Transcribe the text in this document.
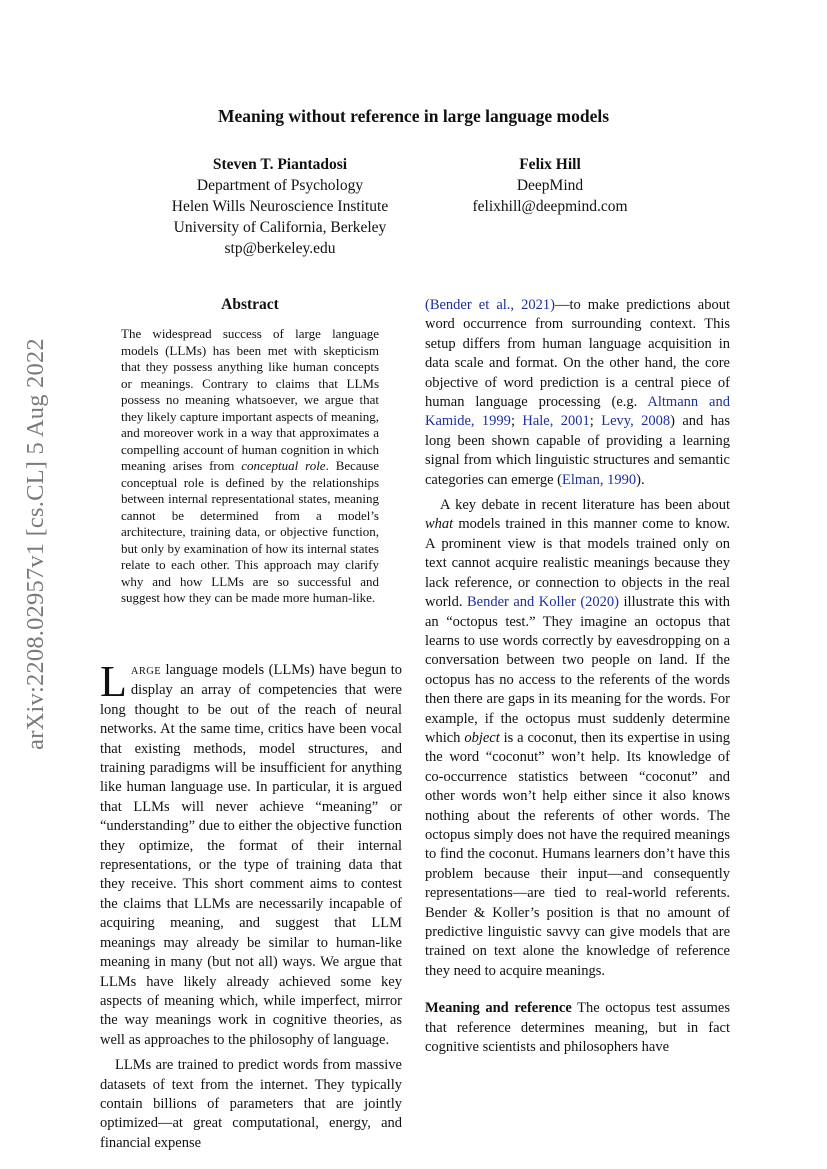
arXiv:2208.02957v1 [cs.CL] 5 Aug 2022
Meaning without reference in large language models
Steven T. Piantadosi
Department of Psychology
Helen Wills Neuroscience Institute
University of California, Berkeley
stp@berkeley.edu
Felix Hill
DeepMind
felixhill@deepmind.com
Abstract

The widespread success of large language models (LLMs) has been met with skepticism that they possess anything like human concepts or meanings. Contrary to claims that LLMs possess no meaning whatsoever, we argue that they likely capture important aspects of meaning, and moreover work in a way that approximates a compelling account of human cognition in which meaning arises from conceptual role. Because conceptual role is defined by the relationships between internal representational states, meaning cannot be determined from a model’s architecture, training data, or objective function, but only by examination of how its internal states relate to each other. This approach may clarify why and how LLMs are so successful and suggest how they can be made more human-like.

LARGE language models (LLMs) have begun to display an array of competencies that were long thought to be out of the reach of neural networks. At the same time, critics have been vocal that existing methods, model structures, and training paradigms will be insufficient for anything like human language use. In particular, it is argued that LLMs will never achieve “meaning” or “understanding” due to either the objective function they optimize, the format of their internal representations, or the type of training data that they receive. This short comment aims to contest the claims that LLMs are necessarily incapable of acquiring meaning, and suggest that LLM meanings may already be similar to human-like meaning in many (but not all) ways. We argue that LLMs have likely already achieved some key aspects of meaning which, while imperfect, mirror the way meanings work in cognitive theories, as well as approaches to the philosophy of language.

LLMs are trained to predict words from massive datasets of text from the internet. They typically contain billions of parameters that are jointly optimized—at great computational, energy, and financial expense

(Bender et al., 2021)—to make predictions about word occurrence from surrounding context. This setup differs from human language acquisition in data scale and format. On the other hand, the core objective of word prediction is a central piece of human language processing (e.g. Altmann and Kamide, 1999; Hale, 2001; Levy, 2008) and has long been shown capable of providing a learning signal from which linguistic structures and semantic categories can emerge (Elman, 1990).

A key debate in recent literature has been about what models trained in this manner come to know. A prominent view is that models trained only on text cannot acquire realistic meanings because they lack reference, or connection to objects in the real world. Bender and Koller (2020) illustrate this with an “octopus test.” They imagine an octopus that learns to use words correctly by eavesdropping on a conversation between two people on land. If the octopus has no access to the referents of the words then there are gaps in its meaning for the words. For example, if the octopus must suddenly determine which object is a coconut, then its expertise in using the word “coconut” won’t help. Its knowledge of co-occurrence statistics between “coconut” and other words won’t help either since it also knows nothing about the referents of other words. The octopus simply does not have the required meanings to find the coconut. Humans learners don’t have this problem because their input—and consequently representations—are tied to real-world referents. Bender & Koller’s position is that no amount of predictive linguistic savvy can give models that are trained on text alone the knowledge of reference they need to acquire meanings.

Meaning and reference The octopus test assumes that reference determines meaning, but in fact cognitive scientists and philosophers have
